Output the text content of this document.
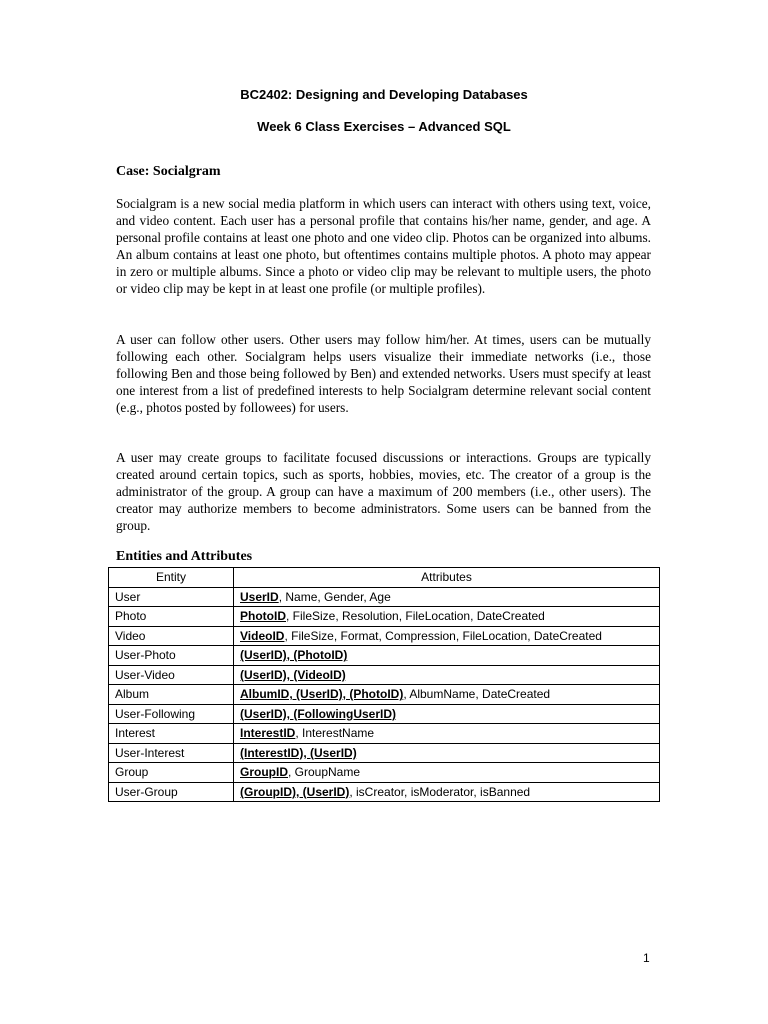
BC2402: Designing and Developing Databases
Week 6 Class Exercises – Advanced SQL
Case: Socialgram

Socialgram is a new social media platform in which users can interact with others using text, voice, and video content. Each user has a personal profile that contains his/her name, gender, and age. A personal profile contains at least one photo and one video clip. Photos can be organized into albums. An album contains at least one photo, but oftentimes contains multiple photos. A photo may appear in zero or multiple albums. Since a photo or video clip may be relevant to multiple users, the photo or video clip may be kept in at least one profile (or multiple profiles).

A user can follow other users. Other users may follow him/her. At times, users can be mutually following each other. Socialgram helps users visualize their immediate networks (i.e., those following Ben and those being followed by Ben) and extended networks. Users must specify at least one interest from a list of predefined interests to help Socialgram determine relevant social content (e.g., photos posted by followees) for users.

A user may create groups to facilitate focused discussions or interactions. Groups are typically created around certain topics, such as sports, hobbies, movies, etc. The creator of a group is the administrator of the group. A group can have a maximum of 200 members (i.e., other users). The creator may authorize members to become administrators. Some users can be banned from the group.

Entities and Attributes
Entity	Attributes
User	UserID, Name, Gender, Age
Photo	PhotoID, FileSize, Resolution, FileLocation, DateCreated
Video	VideoID, FileSize, Format, Compression, FileLocation, DateCreated
User-Photo	(UserID), (PhotoID)
User-Video	(UserID), (VideoID)
Album	AlbumID, (UserID), (PhotoID), AlbumName, DateCreated
User-Following	(UserID), (FollowingUserID)
Interest	InterestID, InterestName
User-Interest	(InterestID), (UserID)
Group	GroupID, GroupName
User-Group	(GroupID), (UserID), isCreator, isModerator, isBanned
1
